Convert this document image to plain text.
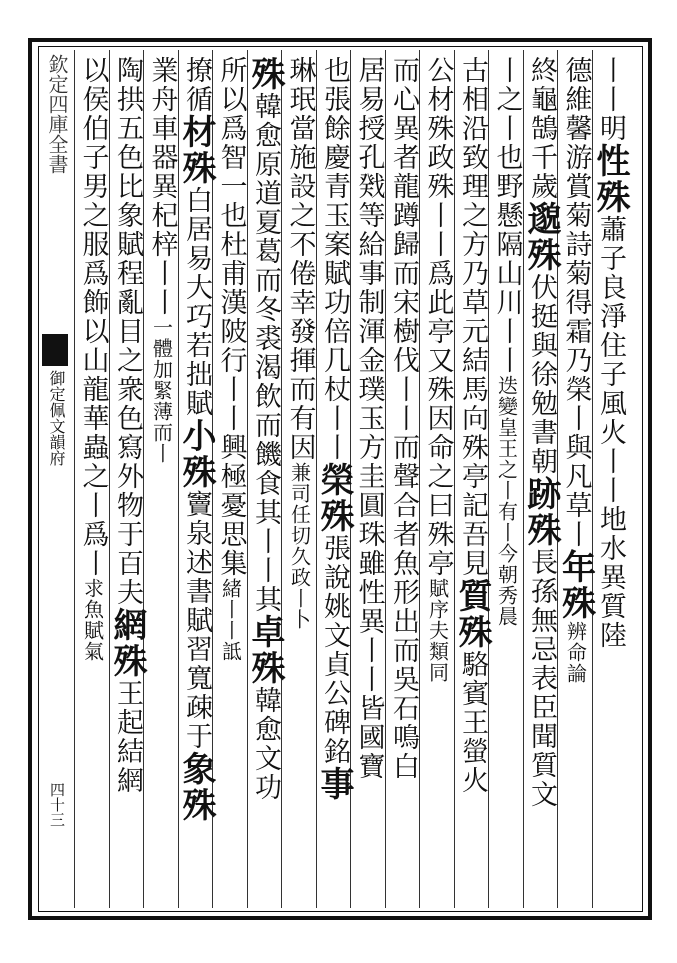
欽定四庫全書
御定佩文韻府
四十三
丨丨明性殊蕭子良淨住子風火丨丨地水異質陸
德維馨游賞菊詩菊得霜乃榮丨與凡草丨年殊辨命論
終龜鵠千歲邈殊伏挺與徐勉書朝跡殊長孫無忌表臣聞質文
丨之丨也野懸隔山川丨丨迭變皇王之丨有丨今朝秀晨
古相沿致理之方乃草元結馬向殊亭記吾見質殊駱賓王螢火
公材殊政殊丨丨爲此亭又殊因命之曰殊亭賦序夫類同
而心異者龍蹲歸而宋樹伐丨丨而聲合者魚形出而吳石鳴白
居易授孔戣等給事制渾金璞玉方圭圓珠雖性異丨丨皆國寶
也張餘慶青玉案賦功倍几杖丨丨榮殊張說姚文貞公碑銘事
琳珉當施設之不倦幸發揮而有因兼司任切久政丨卜
殊韓愈原道夏葛而冬裘渴飲而饑食其丨丨其卓殊韓愈文功
所以爲智一也杜甫漢陂行丨丨興極憂思集緒丨丨詆
撩循材殊白居易大巧若拙賦小殊竇泉述書賦習寬疎于象殊
業舟車器異杞梓丨丨一體加緊薄而丨
陶拱五色比象賦程亂目之衆色寫外物于百夫網殊王起結網
以侯伯子男之服爲飾以山龍華蟲之丨爲丨求魚賦氣
